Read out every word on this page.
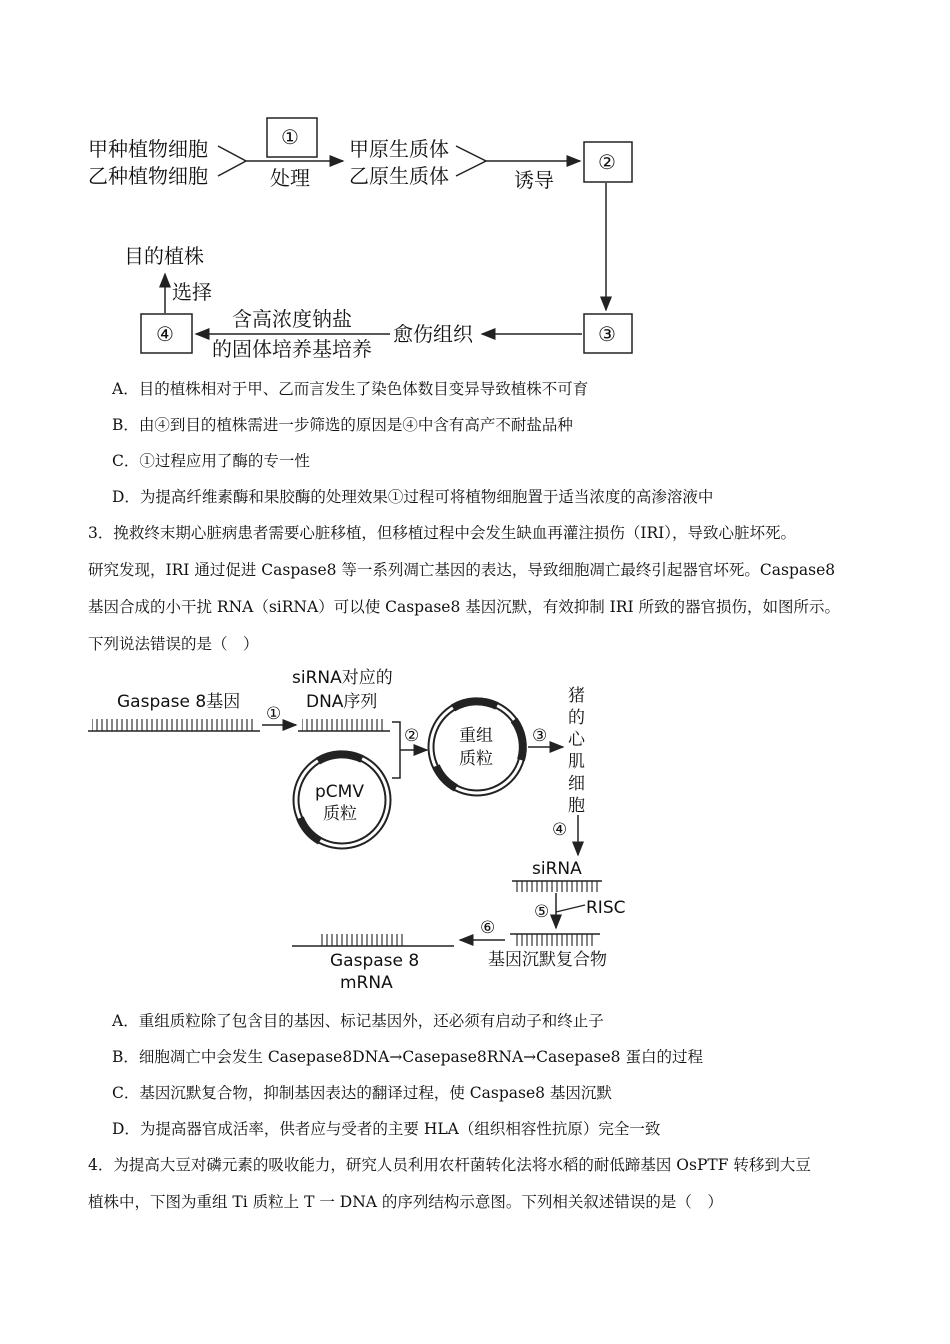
甲种植物细胞
乙种植物细胞
①
处理
甲原生质体
乙原生质体	诱导
②
③
愈伤组织
含高浓度钠盐
的固体培养基培养
④
选择
目的植株
A．目的植株相对于甲、乙而言发生了染色体数目变异导致植株不可育
B．由④到目的植株需进一步筛选的原因是④中含有高产不耐盐品种
C．①过程应用了酶的专一性
D．为提高纤维素酶和果胶酶的处理效果①过程可将植物细胞置于适当浓度的高渗溶液中
3．挽救终末期心脏病患者需要心脏移植，但移植过程中会发生缺血再灌注损伤（IRI），导致心脏坏死。
研究发现，IRI 通过促进 Caspase8 等一系列凋亡基因的表达，导致细胞凋亡最终引起器官坏死。Caspase8
基因合成的小干扰 RNA（siRNA）可以使 Caspase8 基因沉默，有效抑制 IRI 所致的器官损伤，如图所示。
下列说法错误的是（　）
Gaspase 8基因
①
siRNA对应的
DNA序列
②
pCMV
质粒
重组
质粒
③
猪
的
心
肌
细
胞
④
siRNA
⑤ RISC
基因沉默复合物
⑥
Gaspase 8
mRNA
A．重组质粒除了包含目的基因、标记基因外，还必须有启动子和终止子
B．细胞凋亡中会发生 Casepase8DNA→Casepase8RNA→Casepase8 蛋白的过程
C．基因沉默复合物，抑制基因表达的翻译过程，使 Caspase8 基因沉默
D．为提高器官成活率，供者应与受者的主要 HLA（组织相容性抗原）完全一致
4．为提高大豆对磷元素的吸收能力，研究人员利用农杆菌转化法将水稻的耐低蹄基因 OsPTF 转移到大豆
植株中，下图为重组 Ti 质粒上 T 一 DNA 的序列结构示意图。下列相关叙述错误的是（　）
